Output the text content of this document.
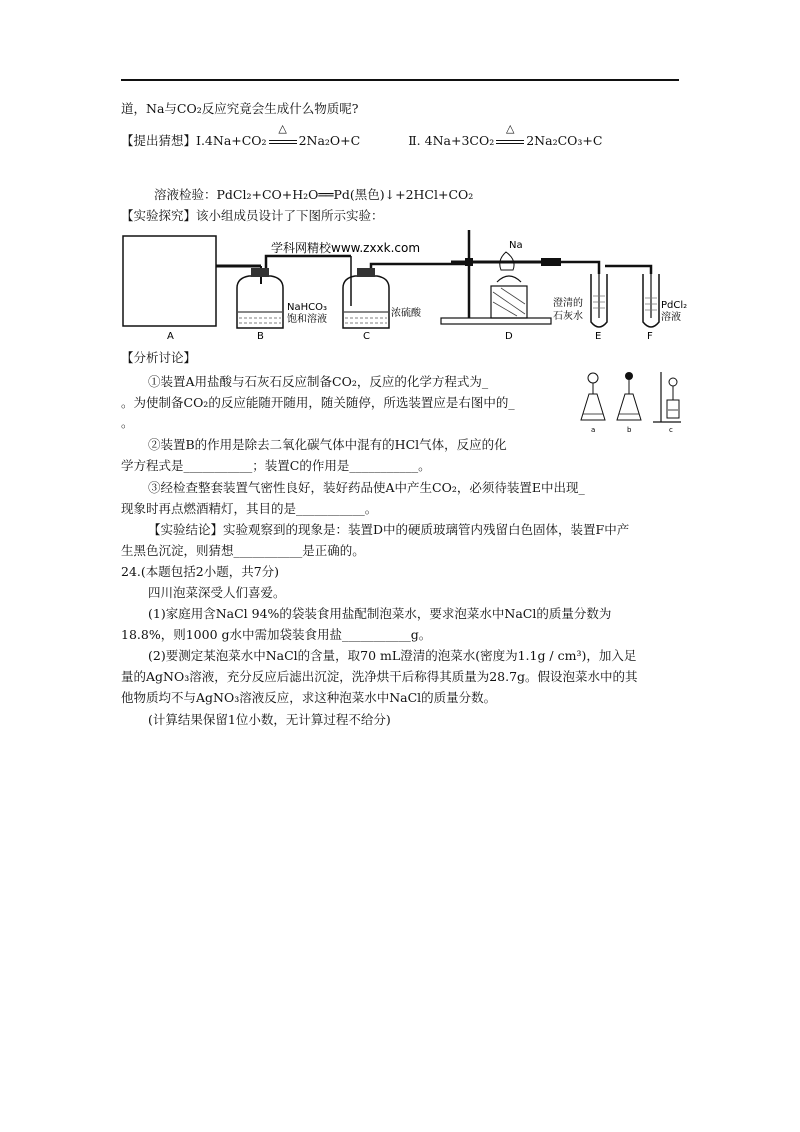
道，Na与CO₂反应究竟会生成什么物质呢?
【提出猜想】Ⅰ.4Na+CO₂
△
2Na₂O+C	Ⅱ. 4Na+3CO₂
△
2Na₂CO₃+C
溶液检验：PdCl₂+CO+H₂O══Pd(黑色)↓+2HCl+CO₂
【实验探究】该小组成员设计了下图所示实验：
学科网精校www.zxxk.com	Na
NaHCO₃
饱和溶液
浓硫酸
澄清的
石灰水
PdCl₂
溶液
A	B	C	D	E	F
【分析讨论】
①装置A用盐酸与石灰石反应制备CO₂，反应的化学方程式为_
。为使制备CO₂的反应能随开随用，随关随停，所选装置应是右图中的_
。	a	b	c
②装置B的作用是除去二氧化碳气体中混有的HCl气体，反应的化
学方程式是___________；装置C的作用是___________。
③经检查整套装置气密性良好，装好药品使A中产生CO₂，必须待装置E中出现_
现象时再点燃酒精灯，其目的是___________。
【实验结论】实验观察到的现象是：装置D中的硬质玻璃管内残留白色固体，装置F中产
生黑色沉淀，则猜想___________是正确的。
24.(本题包括2小题，共7分)
四川泡菜深受人们喜爱。
(1)家庭用含NaCl 94%的袋装食用盐配制泡菜水，要求泡菜水中NaCl的质量分数为
18.8%，则1000 g水中需加袋装食用盐___________g。
(2)要测定某泡菜水中NaCl的含量，取70 mL澄清的泡菜水(密度为1.1g / cm³)，加入足
量的AgNO₃溶液，充分反应后滤出沉淀，洗净烘干后称得其质量为28.7g。假设泡菜水中的其
他物质均不与AgNO₃溶液反应，求这种泡菜水中NaCl的质量分数。
(计算结果保留1位小数，无计算过程不给分)
